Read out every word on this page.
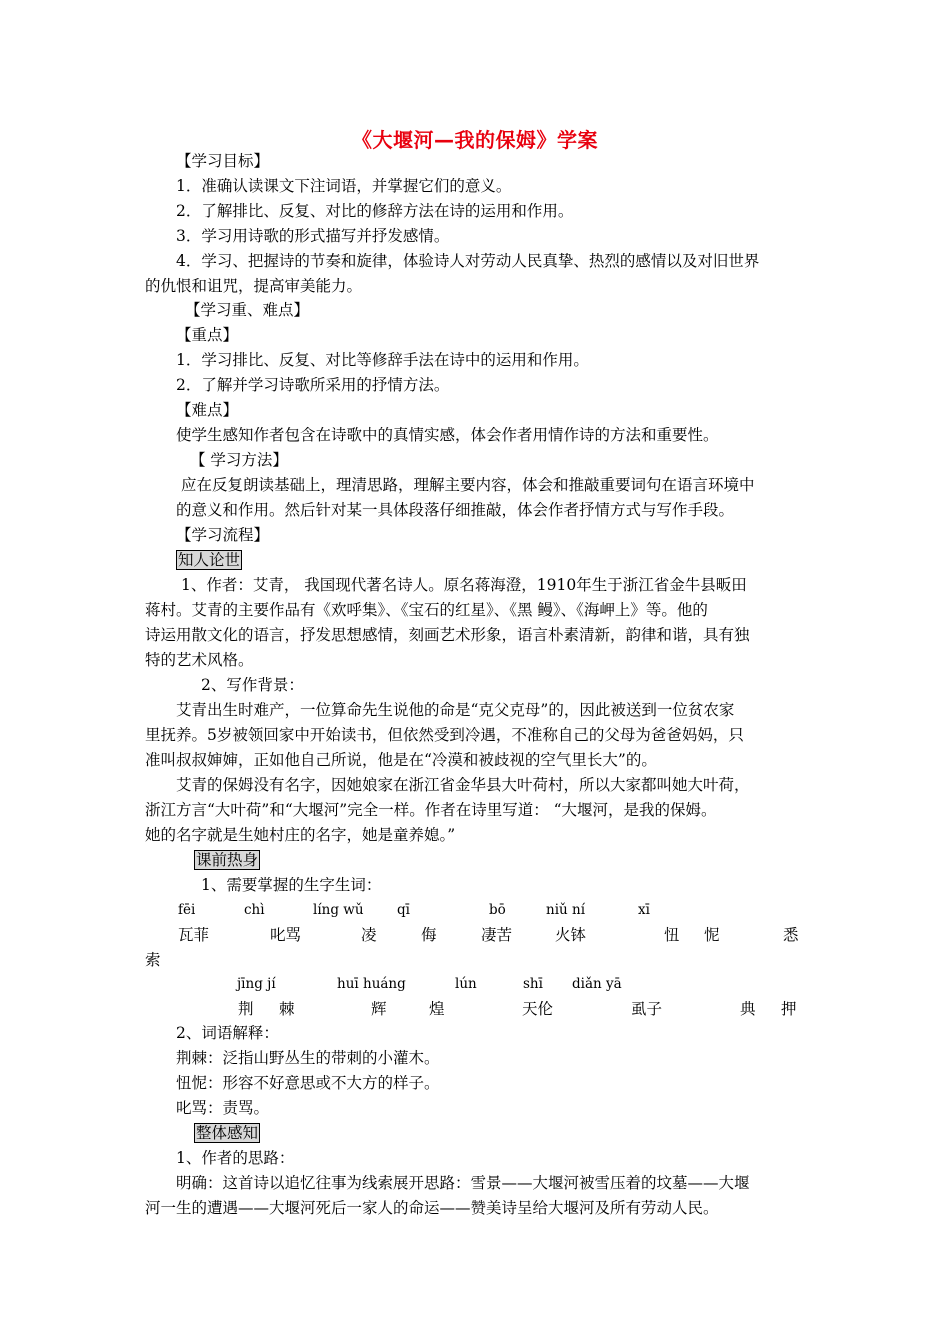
《大堰河—我的保姆》学案
【学习目标】
1．准确认读课文下注词语，并掌握它们的意义。
2．了解排比、反复、对比的修辞方法在诗的运用和作用。
3．学习用诗歌的形式描写并抒发感情。
4．学习、把握诗的节奏和旋律，体验诗人对劳动人民真挚、热烈的感情以及对旧世界
的仇恨和诅咒，提高审美能力。
【学习重、难点】
【重点】
1．学习排比、反复、对比等修辞手法在诗中的运用和作用。
2．了解并学习诗歌所采用的抒情方法。
【难点】
使学生感知作者包含在诗歌中的真情实感，体会作者用情作诗的方法和重要性。
【 学习方法】
应在反复朗读基础上，理清思路，理解主要内容，体会和推敲重要词句在语言环境中
的意义和作用。然后针对某一具体段落仔细推敲，体会作者抒情方式与写作手段。
【学习流程】
知人论世
1、作者：艾青， 我国现代著名诗人。原名蒋海澄，1910年生于浙江省金牛县畈田
蒋村。艾青的主要作品有《欢呼集》、《宝石的红星》、《黑 鳗》、《海岬上》等。他的
诗运用散文化的语言，抒发思想感情，刻画艺术形象，语言朴素清新，韵律和谐，具有独
特的艺术风格。
2、写作背景：
艾青出生时难产，一位算命先生说他的命是“克父克母”的，因此被送到一位贫农家
里抚养。5岁被领回家中开始读书，但依然受到冷遇，不准称自己的父母为爸爸妈妈，只
准叫叔叔婶婶，正如他自己所说，他是在“冷漠和被歧视的空气里长大”的。
艾青的保姆没有名字，因她娘家在浙江省金华县大叶荷村，所以大家都叫她大叶荷，
浙江方言“大叶荷”和“大堰河”完全一样。作者在诗里写道： “大堰河，是我的保姆。
她的名字就是生她村庄的名字，她是童养媳。”
课前热身
1、需要掌握的生字生词：
fēi	chì	líng wǔ qī	bō	niǔ ní	xī
瓦菲	叱骂	凌	侮	凄苦	火钵	忸 怩	悉
索
jīng jí	huī huáng	lún	shī diǎn yā
荆 棘	辉	煌	天伦	虱子	典 押
2、词语解释：
荆棘：泛指山野丛生的带刺的小灌木。
忸怩：形容不好意思或不大方的样子。
叱骂：责骂。
整体感知
1、作者的思路：
明确：这首诗以追忆往事为线索展开思路：雪景——大堰河被雪压着的坟墓——大堰
河一生的遭遇——大堰河死后一家人的命运——赞美诗呈给大堰河及所有劳动人民。
